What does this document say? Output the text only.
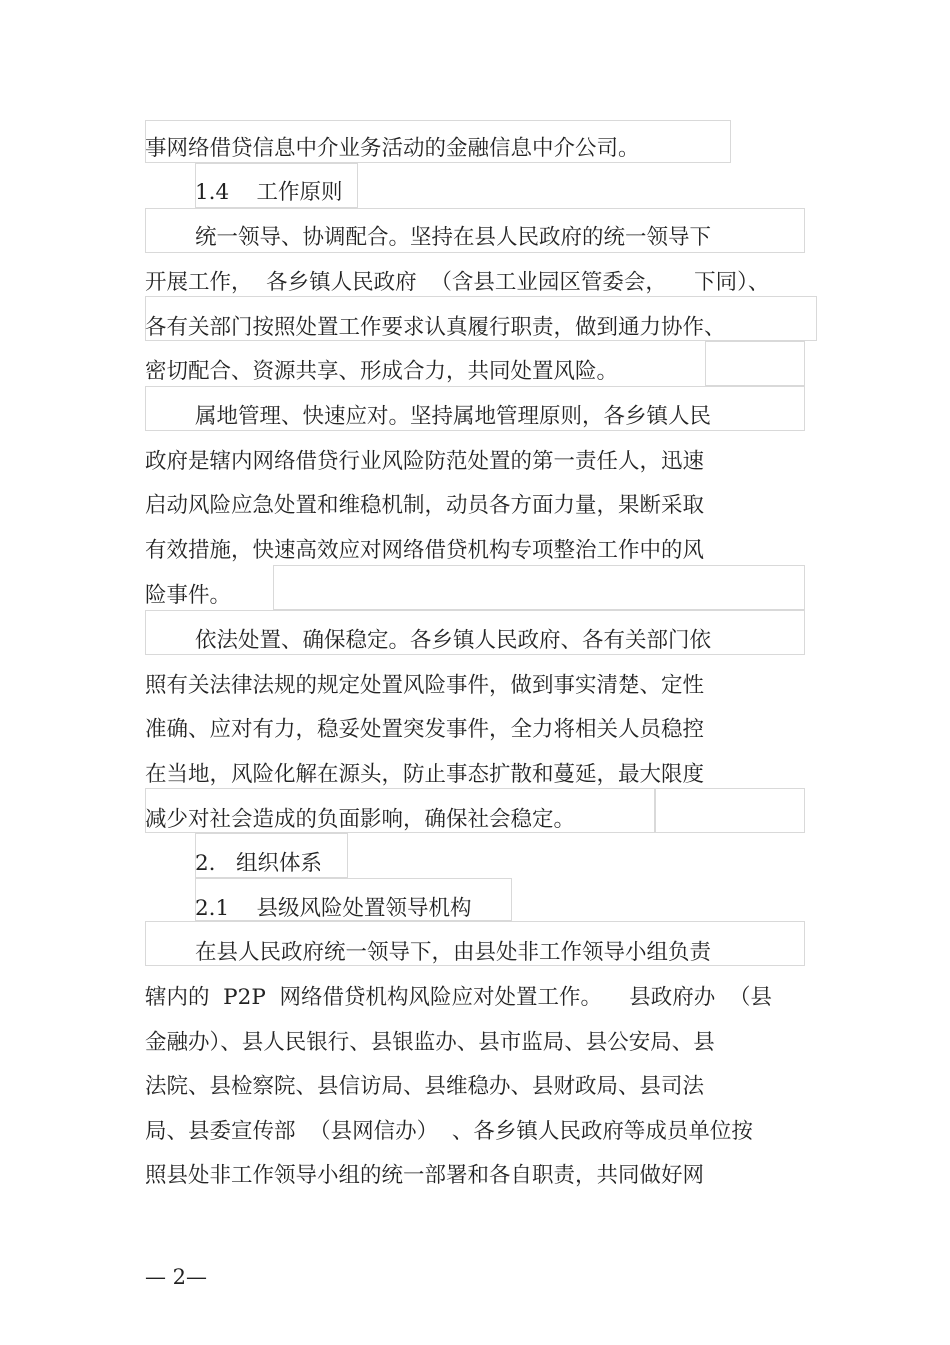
事网络借贷信息中介业务活动的金融信息中介公司。
1.4    工作原则
统一领导、协调配合。坚持在县人民政府的统一领导下
开展工作，  各乡镇人民政府  （含县工业园区管委会，    下同）、
各有关部门按照处置工作要求认真履行职责，做到通力协作、
密切配合、资源共享、形成合力，共同处置风险。
属地管理、快速应对。坚持属地管理原则，各乡镇人民
政府是辖内网络借贷行业风险防范处置的第一责任人，迅速
启动风险应急处置和维稳机制，动员各方面力量，果断采取
有效措施，快速高效应对网络借贷机构专项整治工作中的风
险事件。
依法处置、确保稳定。各乡镇人民政府、各有关部门依
照有关法律法规的规定处置风险事件，做到事实清楚、定性
准确、应对有力，稳妥处置突发事件，全力将相关人员稳控
在当地，风险化解在源头，防止事态扩散和蔓延，最大限度
减少对社会造成的负面影响，确保社会稳定。
2.   组织体系
2.1    县级风险处置领导机构
在县人民政府统一领导下，由县处非工作领导小组负责
辖内的  P2P  网络借贷机构风险应对处置工作。    县政府办  （县
金融办）、县人民银行、县银监办、县市监局、县公安局、县
法院、县检察院、县信访局、县维稳办、县财政局、县司法
局、县委宣传部  （县网信办）  、各乡镇人民政府等成员单位按
照县处非工作领导小组的统一部署和各自职责，共同做好网
— 2—
